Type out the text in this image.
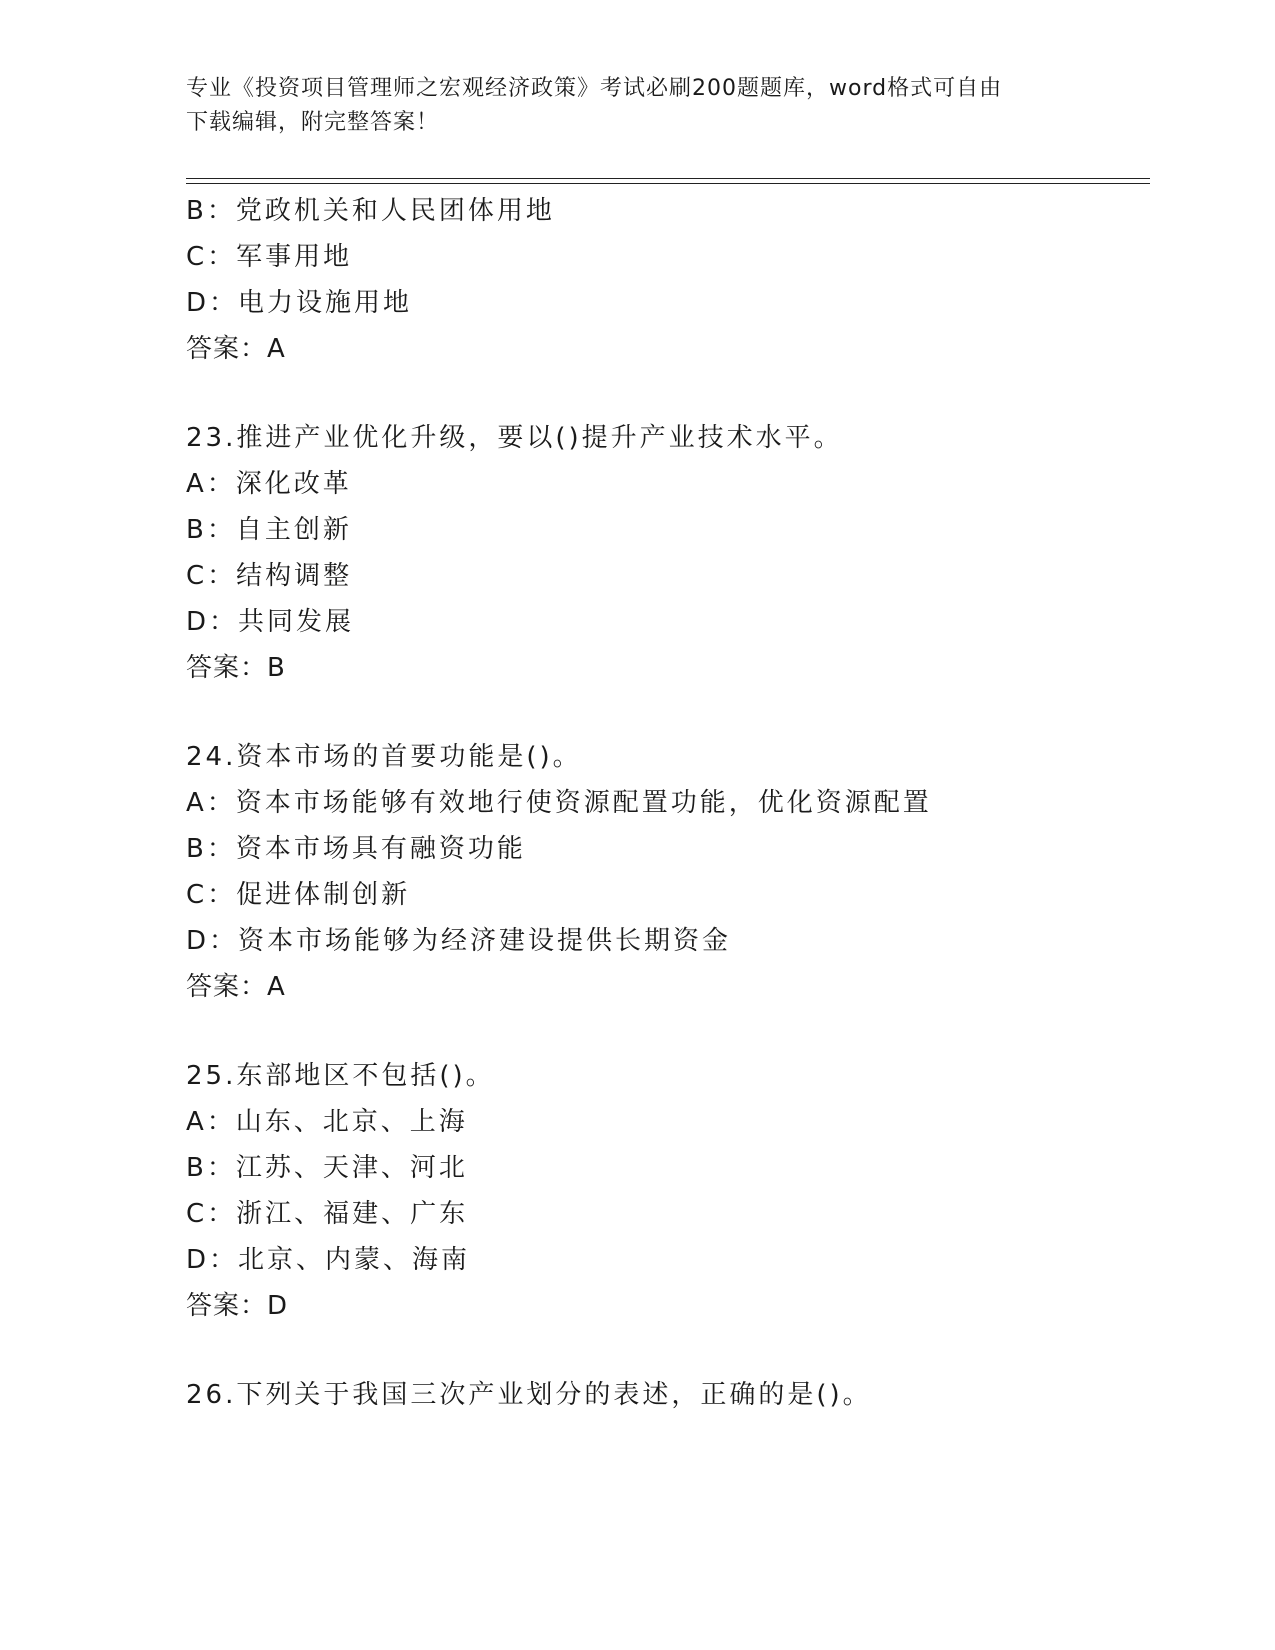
专业《投资项目管理师之宏观经济政策》考试必刷200题题库，word格式可自由
下载编辑，附完整答案！
B：党政机关和人民团体用地
C：军事用地
D：电力设施用地
答案：A
23.推进产业优化升级，要以()提升产业技术水平。
A：深化改革
B：自主创新
C：结构调整
D：共同发展
答案：B
24.资本市场的首要功能是()。
A：资本市场能够有效地行使资源配置功能，优化资源配置
B：资本市场具有融资功能
C：促进体制创新
D：资本市场能够为经济建设提供长期资金
答案：A
25.东部地区不包括()。
A：山东、北京、上海
B：江苏、天津、河北
C：浙江、福建、广东
D：北京、内蒙、海南
答案：D
26.下列关于我国三次产业划分的表述，正确的是()。
